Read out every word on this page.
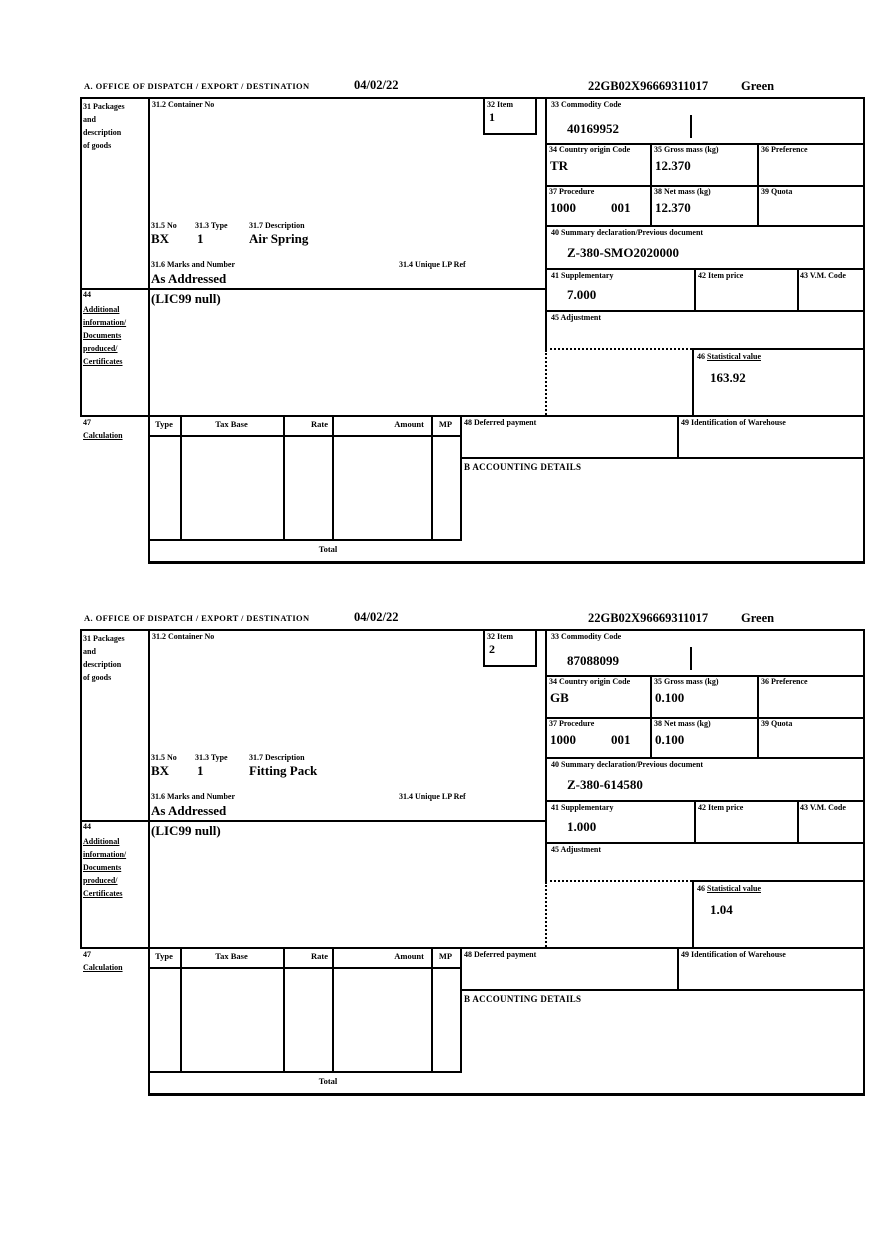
A. OFFICE OF DISPATCH / EXPORT / DESTINATION	04/02/22	22GB02X96669311017	Green
31 Packages
and
description
of goods
31.2 Container No	32 Item
1
33 Commodity Code
40169952
34 Country origin Code
TR
35 Gross mass (kg)
12.370
36 Preference
37 Procedure
1000	001
38 Net mass (kg)
12.370
39 Quota
31.5 No 31.3 Type	31.7 Description
BX 1	Air Spring
31.6 Marks and Number	31.4 Unique LP Ref
As Addressed
40 Summary declaration/Previous document
Z-380-SMO2020000
41 Supplementary
7.000
42 Item price	43 V.M. Code
44
Additional
information/
Documents
produced/
Certificates
(LIC99 null)
45 Adjustment
46 Statistical value
163.92
47
Calculation
Type	Tax Base	Rate	Amount	MP	48 Deferred payment	49 Identification of Warehouse
B ACCOUNTING DETAILS
Total
A. OFFICE OF DISPATCH / EXPORT / DESTINATION	04/02/22	22GB02X96669311017	Green
31 Packages
and
description
of goods
31.2 Container No	32 Item
2
33 Commodity Code
87088099
34 Country origin Code
GB
35 Gross mass (kg)
0.100
36 Preference
37 Procedure
1000	001
38 Net mass (kg)
0.100
39 Quota
31.5 No 31.3 Type	31.7 Description
BX 1	Fitting Pack
31.6 Marks and Number	31.4 Unique LP Ref
As Addressed
40 Summary declaration/Previous document
Z-380-614580
41 Supplementary
1.000
42 Item price	43 V.M. Code
44
Additional
information/
Documents
produced/
Certificates
(LIC99 null)
45 Adjustment
46 Statistical value
1.04
47
Calculation
Type	Tax Base	Rate	Amount	MP	48 Deferred payment	49 Identification of Warehouse
B ACCOUNTING DETAILS
Total
